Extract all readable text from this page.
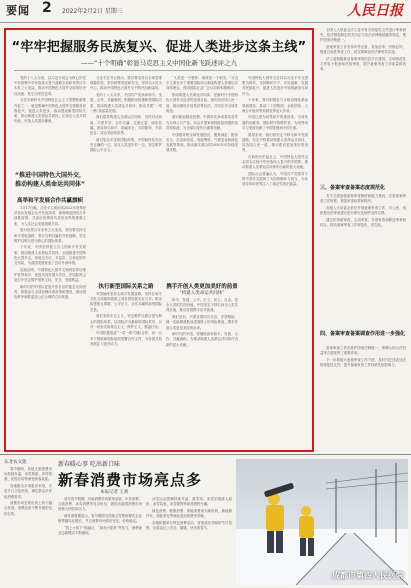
要闻 2 2022年2月2日 星期三	人民日报
“牢牢把握服务民族复兴、促进人类进步这条主线”
——“十个明确”彰显马克思主义中国化新飞跃述评之九

党的十八大以来，以习近平同志为核心的党中央统筹中华民族伟大复兴战略全局和世界百年未有之大变局，推动中国特色大国外交取得历史性成就、发生历史性变革。

习近平新时代中国特色社会主义思想的重要内容之一，就是明确中国特色大国外交要服务民族复兴、促进人类进步，推动建设新型国际关系，推动构建人类命运共同体，弘扬全人类共同价值，引领人类进步潮流。

“推进中国特色大国外交，推动构建人类命运共同体”
高举和平发展合作共赢旗帜

1月17日晚，习近平主席出席2022年世界经济论坛视频会议并发表演讲，深刻阐述团结合作战胜疫情、共创后疫情时代美好世界的重要主张，为人类社会发展指明方向。

面对世界百年未有之大变局，我们要坚持走和平发展道路，奉行互利共赢的开放战略，坚定维护以联合国为核心的国际体系。

十年来，中国坚持独立自主的和平外交政策，推动构建人类命运共同体，全面推进中国特色大国外交，形成全方位、多层次、立体化的外交布局，为我国发展营造了良好外部环境。

实践证明，中国特色大国外交始终坚持以维护世界和平、促进共同发展为宗旨，在国际风云变幻中坚定维护国家主权、安全、发展利益。

新时代的中国以更加开放自信的姿态走向世界，积极参与全球治理体系改革和建设，推动国际秩序朝着更加公正合理的方向发展。

习近平总书记指出，我们要坚持以全球思维谋篇布局，坚持统筹发展和安全，坚持以人民为中心，推动中国特色大国外交不断开创新局面。

党的十八大以来，中国共产党高举和平、发展、合作、共赢旗帜，积极推动构建新型国际关系，推动构建人类命运共同体，推动共建“一带一路”高质量发展。

我们倡导构建人类命运共同体，坚持对话协商、共建共享、合作共赢、交流互鉴、绿色低碳，建设持久和平、普遍安全、共同繁荣、开放包容、清洁美丽的世界。

面对复杂多变的国际形势，中国始终站在历史正确的一边，站在人类进步的一边，坚定维护国际公平正义。

执行新型国际关系之路

中国始终坚持走和平发展道路，坚持在和平共处五项原则基础上同各国发展友好合作，推动构建相互尊重、公平正义、合作共赢的新型国际关系。

我们坚持多边主义，坚定维护以联合国为核心的国际体系、以国际法为基础的国际秩序，反对一切形式的单边主义、保护主义、霸凌行径。

中国积极推进“一带一路”国际合作，同一百多个国家和国际组织签署合作文件，为各国共同发展注入强劲动力。

“人类是一个整体，地球是一个家园。”习近平主席在多个重要国际场合阐述构建人类命运共同体理念，得到国际社会广泛认同和积极响应。

推动构建人类命运共同体，是新时代中国特色大国外交追求的崇高目标。我们同各国人民一道，推动建设开放型世界经济，共同应对全球性挑战。

面对新冠肺炎疫情，中国率先承诺将疫苗作为全球公共产品，向众多国家和国际组织提供疫苗和原液，为全球抗疫作出重要贡献。

中国倡导的全球发展倡议，聚焦减贫、粮食安全、抗疫和疫苗、发展筹资、气候变化和绿色发展等领域，推动落实联合国2030年可持续发展议程。

携手开创人类更加美好的前景
“构建人类命运共同体”

和平、发展、公平、正义、民主、自由，是全人类的共同价值。中国坚定不移弘扬全人类共同价值，推动各国携手应对挑战。

我们坚信，只要各国同舟共济、守望相助，就一定能够战胜前进道路上的风险挑战，携手开创人类更加美好的未来。

新时代的中国，将继续高举和平、发展、合作、共赢旗帜，为推动构建人类命运共同体作出新的更大贡献。

中国特色大国外交坚持以习近平外交思想为指导，坚持胸怀天下、开拓创新，在服务民族复兴、促进人类进步中展现新担当新作为。

十年来，我们积极参与全球治理体系改革和建设，推动二十国集团、金砖国家、上海合作组织等机制发挥更大作用。

中国已成为世界和平的建设者、全球发展的贡献者、国际秩序的维护者，为世界和平与发展贡献了中国智慧和中国方案。

展望未来，我们将坚定不移走和平发展道路，坚定不移推动构建人类命运共同体，同各国人民一道，推动建设更加美好的世界。

在新的历史起点上，中国特色大国外交必将为实现中华民族伟大复兴的中国梦、推动构建人类命运共同体作出新的更大贡献。

国际社会普遍认为，中国共产党领导下的中国外交展现了大国的胸怀与担当，为动荡变革的世界注入了稳定性和正能量。

全国人大常委会法工委对有关规范性文件进行审查研究，依法督促制定机关纠正与宪法法律相抵触的规定，维护国家法制统一。

备案审查工作坚持有件必备、有备必审、有错必纠，推进合宪性审查工作，切实保障宪法法律有效实施。

法工委积极推动备案审查信息平台建设，实现规范性文件电子报备和在线审查，提升备案审查工作质量和效率。

三、备案审查备案态度规范化

有关方面加强备案审查制度和能力建设，完善备案审查工作规程，规范审查标准和程序。

各级人大常委会依法开展备案审查工作，对公民、组织提出的审查建议进行研究处理并及时反馈。

通过依申请审查、主动审查、专项审查和移送审查相结合，推动备案审查工作规范化、常态化。

四、备案审查备案调查作用进一步强化

备案审查工作在维护国家法制统一、保障公民合法权益等方面发挥了重要作用。

下一步将加大备案审查工作力度，及时纠正违宪违法的规范性文件，提升备案审查工作权威性和影响力。

东北农文旅

春节期间，各地文旅消费市场持续升温，冰雪旅游、乡村旅游、民俗活动等深受游客欢迎。

各地推出多项惠民举措，丰富节日文化供给，满足群众多样化消费需求。

消费市场呈现出线上线下融合发展、消费品质不断升级的良好态势。

新春暖心事 吃出新口味
新春消费市场亮点多
本报记者 王观

虎年春节假期，各地消费市场繁荣活跃，年货消费、文旅消费、冰雪消费等亮点纷呈，展现出我国消费市场的强大韧性和活力。

商务部数据显示，春节假期全国重点零售和餐饮企业销售额同比增长，节日消费市场供应充足、价格稳定。

“线上+线下”相融合，“商品+服务”齐发力，消费新业态新模式不断涌现。

冰雪运动热潮持续升温，滑雪场、冰雪乐园游人如织，冰雪装备、冰雪服饰等商品销售火爆。

绿色消费、健康消费、智能消费成为新时尚，新能源汽车、智能家电等商品受到消费者青睐。

各地积极举办特色消费活动，营造欢乐祥和的节日氛围，让群众过上安全、健康、快乐的春节。

成都市第四人民医院
